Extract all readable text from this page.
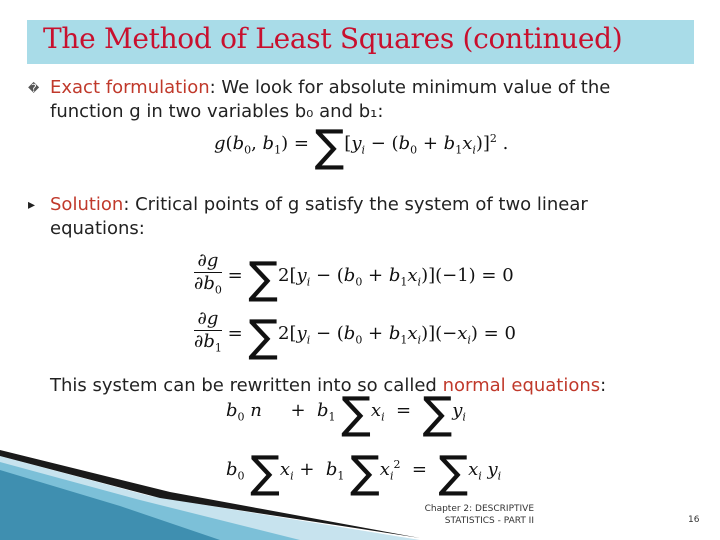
The Method of Least Squares (continued)
� Exact formulation: We look for absolute minimum value of the
function g in two variables b₀ and b₁:
$g(b_0$, $b_1) = \sum[y_i - (b_0 + b_1x_i)]^2$ .
▸ Solution: Critical points of g satisfy the system of two linear
equations:
$\frac{\partial g}{\partial b_0} = \sum 2[y_i - (b_0 + b_1x_i)](-1) = 0$
$\frac{\partial g}{\partial b_1} = \sum 2[y_i - (b_0 + b_1x_i)](-x_i) = 0$
This system can be rewritten into so called normal equations:
$b_0$ n     +  $b_1$ $\sum x_i = \sum y_i$
$b_0$ $\sum x_i + b_1$ $\sum x_i^2 = \sum x_i$ $y_i$
Chapter 2: DESCRIPTIVE STATISTICS - PART II	16
